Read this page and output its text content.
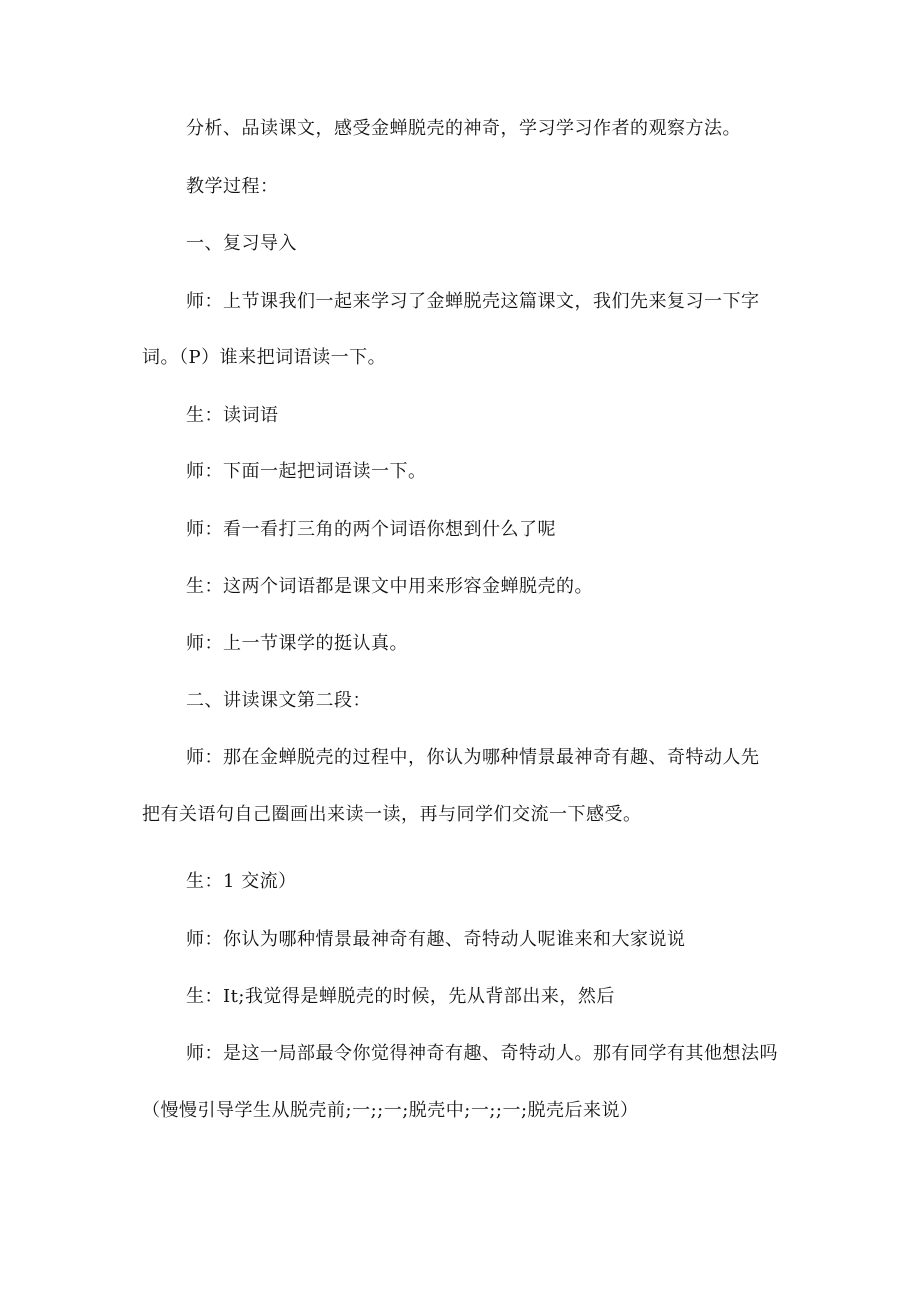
分析、品读课文，感受金蝉脱壳的神奇，学习学习作者的观察方法。
教学过程：
一、复习导入
师：上节课我们一起来学习了金蝉脱壳这篇课文，我们先来复习一下字
词。（P）谁来把词语读一下。
生：读词语
师：下面一起把词语读一下。
师：看一看打三角的两个词语你想到什么了呢
生：这两个词语都是课文中用来形容金蝉脱壳的。
师：上一节课学的挺认真。
二、讲读课文第二段：
师：那在金蝉脱壳的过程中，你认为哪种情景最神奇有趣、奇特动人先
把有关语句自己圈画出来读一读，再与同学们交流一下感受。
生：1 交流）
师：你认为哪种情景最神奇有趣、奇特动人呢谁来和大家说说
生：It;我觉得是蝉脱壳的时候，先从背部出来，然后
师：是这一局部最令你觉得神奇有趣、奇特动人。那有同学有其他想法吗
（慢慢引导学生从脱壳前;一;;一;脱壳中;一;;一;脱壳后来说）
